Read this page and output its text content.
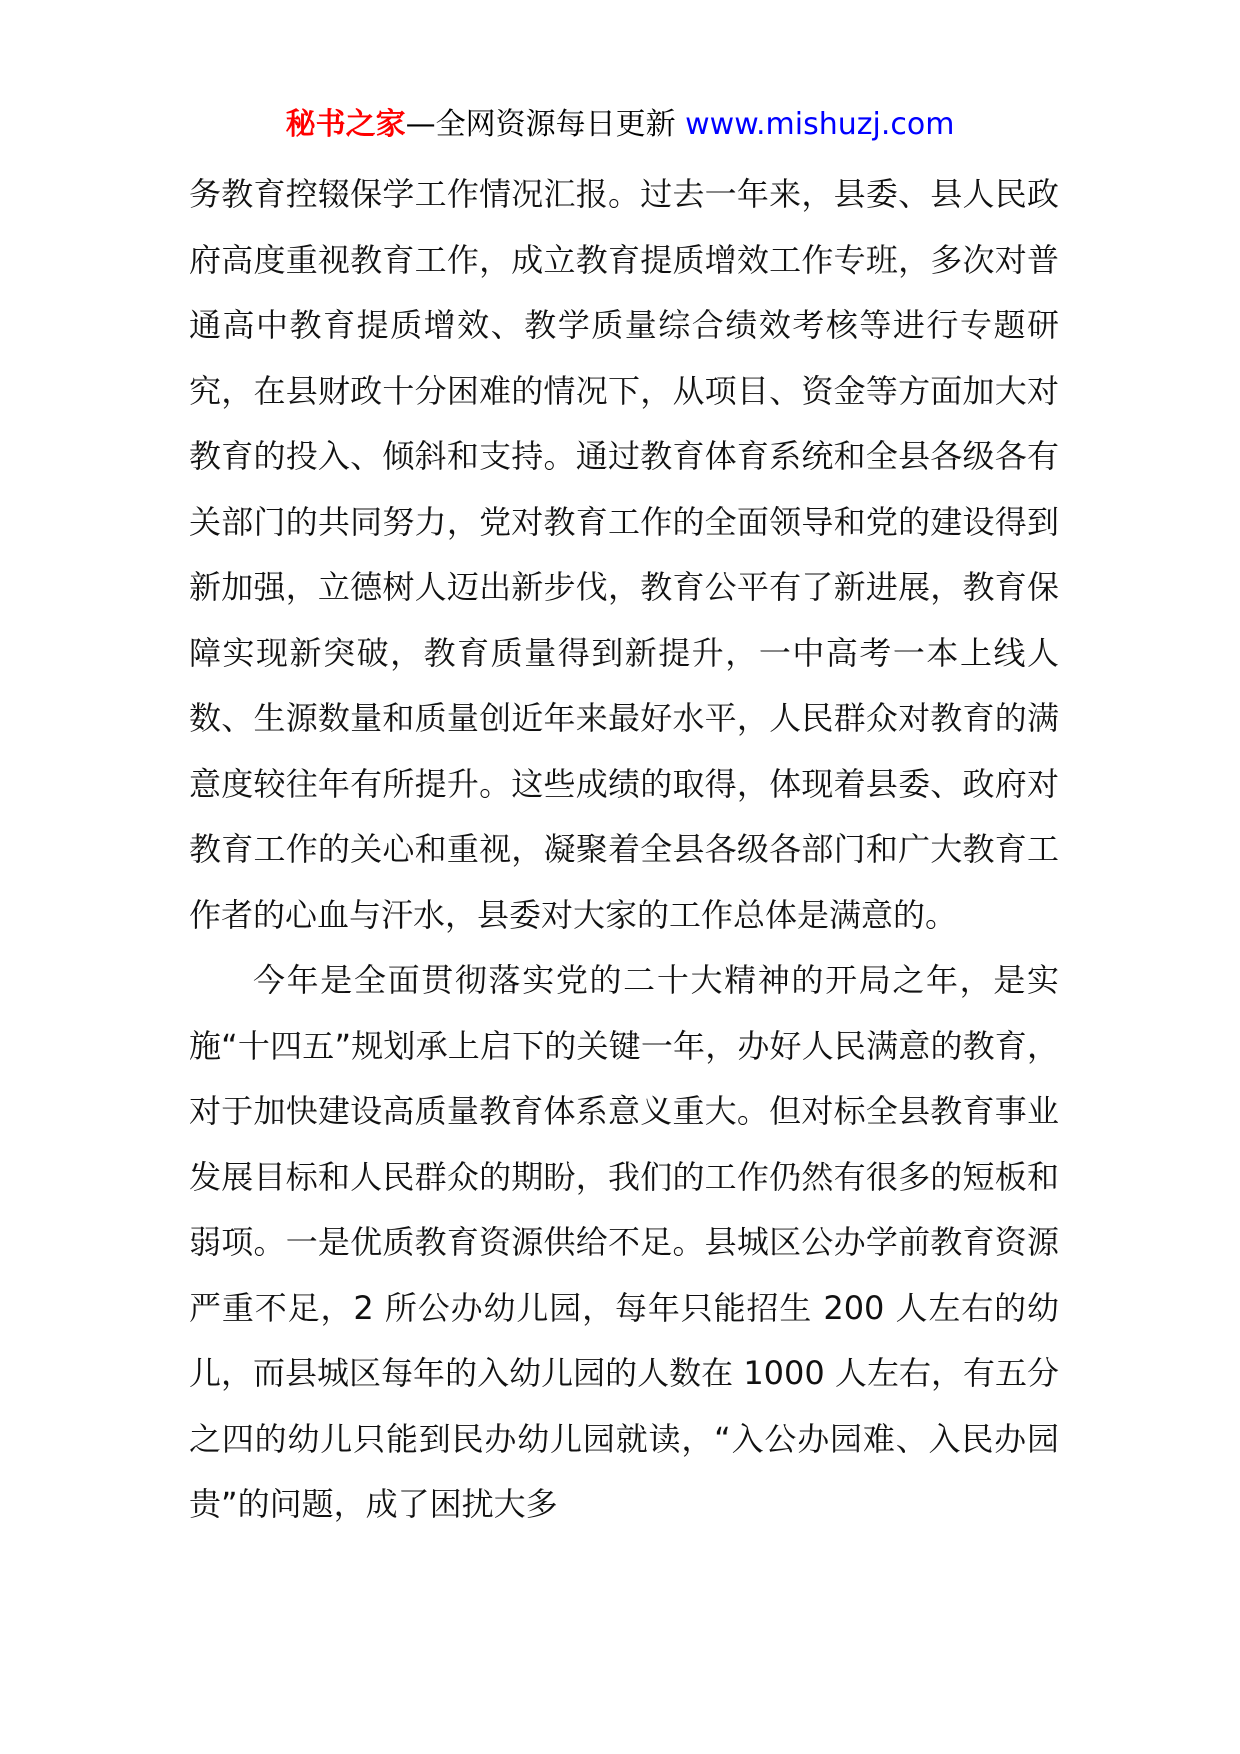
秘书之家—全网资源每日更新 www.mishuzj.com

务教育控辍保学工作情况汇报。过去一年来，县委、县人民政府高度重视教育工作，成立教育提质增效工作专班，多次对普通高中教育提质增效、教学质量综合绩效考核等进行专题研究，在县财政十分困难的情况下，从项目、资金等方面加大对教育的投入、倾斜和支持。通过教育体育系统和全县各级各有关部门的共同努力，党对教育工作的全面领导和党的建设得到新加强，立德树人迈出新步伐，教育公平有了新进展，教育保障实现新突破，教育质量得到新提升，一中高考一本上线人数、生源数量和质量创近年来最好水平，人民群众对教育的满意度较往年有所提升。这些成绩的取得，体现着县委、政府对教育工作的关心和重视，凝聚着全县各级各部门和广大教育工作者的心血与汗水，县委对大家的工作总体是满意的。

今年是全面贯彻落实党的二十大精神的开局之年，是实施“十四五”规划承上启下的关键一年，办好人民满意的教育，对于加快建设高质量教育体系意义重大。但对标全县教育事业发展目标和人民群众的期盼，我们的工作仍然有很多的短板和弱项。一是优质教育资源供给不足。县城区公办学前教育资源严重不足，2 所公办幼儿园，每年只能招生 200 人左右的幼儿，而县城区每年的入幼儿园的人数在 1000 人左右，有五分之四的幼儿只能到民办幼儿园就读，“入公办园难、入民办园贵”的问题，成了困扰大多
